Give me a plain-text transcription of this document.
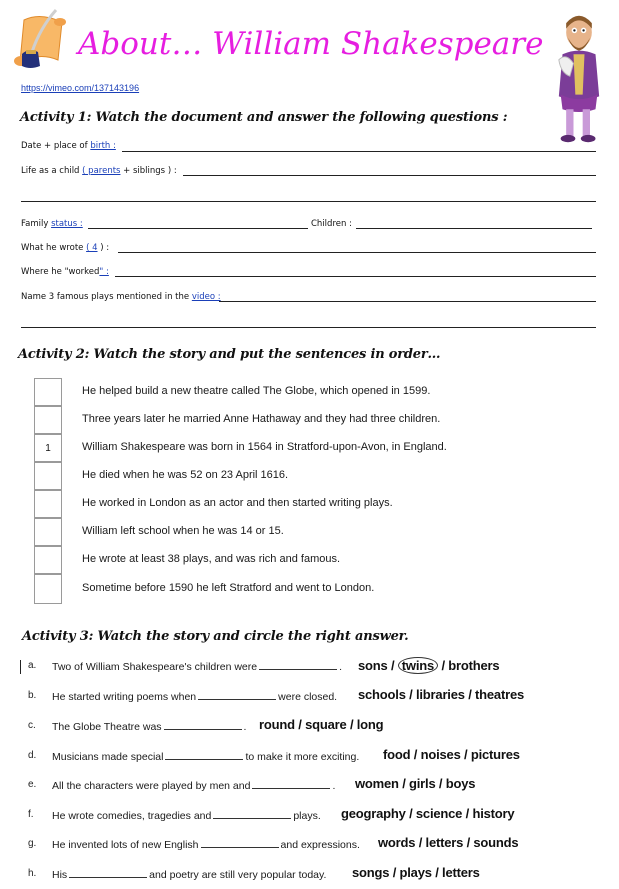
About… William Shakespeare
https://vimeo.com/137143196
Activity 1: Watch the document and answer the following questions :
Date + place of birth :
Life as a child ( parents + siblings ) :
Family status :	Children :
What he wrote ( 4 ) :
Where he "worked" :
Name 3 famous plays mentioned in the video :
Activity 2: Watch the story and put the sentences in order…
He helped build a new theatre called The Globe, which opened in 1599.
Three years later he married Anne Hathaway and they had three children.
1	William Shakespeare was born in 1564 in Stratford-upon-Avon, in England.
He died when he was 52 on 23 April 1616.
He worked in London as an actor and then started writing plays.
William left school when he was 14 or 15.
He wrote at least 38 plays, and was rich and famous.
Sometime before 1590 he left Stratford and went to London.
Activity 3: Watch the story and circle the right answer.
a. Two of William Shakespeare's children were	. sons / twins / brothers
b. He started writing poems when	were closed. schools / libraries / theatres
c. The Globe Theatre was	. round / square / long
d. Musicians made special	to make it more exciting. food / noises / pictures
e. All the characters were played by men and	. women / girls / boys
f. He wrote comedies, tragedies and	plays. geography / science / history
g. He invented lots of new English	and expressions. words / letters / sounds
h. His	and poetry are still very popular today. songs / plays / letters
